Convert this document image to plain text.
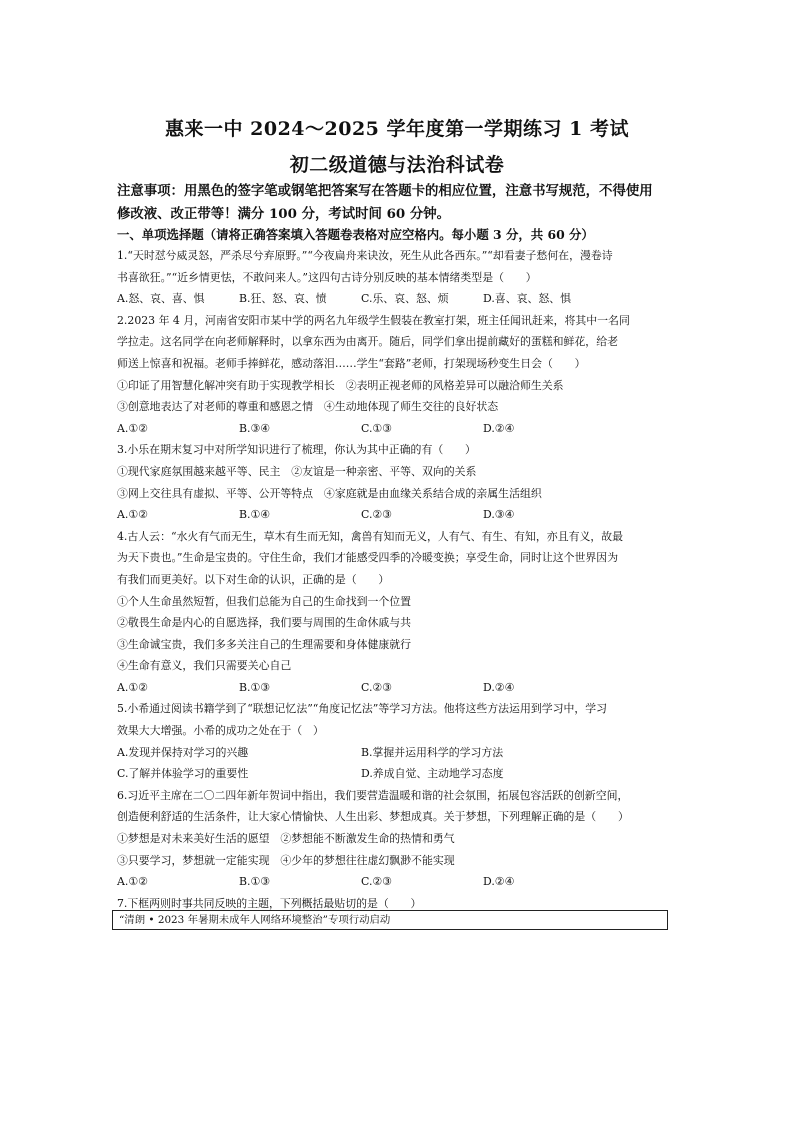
惠来一中 2024～2025 学年度第一学期练习 1 考试
初二级道德与法治科试卷
注意事项：用黑色的签字笔或钢笔把答案写在答题卡的相应位置，注意书写规范，不得使用
修改液、改正带等！满分 100 分，考试时间 60 分钟。
一、单项选择题（请将正确答案填入答题卷表格对应空格内。每小题 3 分，共 60 分）
1.“天时怼兮威灵怒，严杀尽兮弃原野。”“今夜扁舟来诀汝，死生从此各西东。”“却看妻子愁何在，漫卷诗
书喜欲狂。”“近乡情更怯，不敢问来人。”这四句古诗分别反映的基本情绪类型是（　　）
A.怒、哀、喜、惧	B.狂、怒、哀、愤	C.乐、哀、怒、烦	D.喜、哀、怒、惧
2.2023 年 4 月，河南省安阳市某中学的两名九年级学生假装在教室打架，班主任闻讯赶来，将其中一名同
学拉走。这名同学在向老师解释时，以拿东西为由离开。随后，同学们拿出提前藏好的蛋糕和鲜花，给老
师送上惊喜和祝福。老师手捧鲜花，感动落泪……学生“套路”老师，打架现场秒变生日会（　　）
①印证了用智慧化解冲突有助于实现教学相长　②表明正视老师的风格差异可以融洽师生关系
③创意地表达了对老师的尊重和感恩之情　④生动地体现了师生交往的良好状态
A.①②	B.③④	C.①③	D.②④
3.小乐在期末复习中对所学知识进行了梳理，你认为其中正确的有（　　）
①现代家庭氛围越来越平等、民主　②友谊是一种亲密、平等、双向的关系
③网上交往具有虚拟、平等、公开等特点　④家庭就是由血缘关系结合成的亲属生活组织
A.①②	B.①④	C.②③	D.③④
4.古人云：“水火有气而无生，草木有生而无知，禽兽有知而无义，人有气、有生、有知，亦且有义，故最
为天下贵也。”生命是宝贵的。守住生命，我们才能感受四季的冷暖变换；享受生命，同时让这个世界因为
有我们而更美好。以下对生命的认识，正确的是（　　）
①个人生命虽然短暂，但我们总能为自己的生命找到一个位置
②敬畏生命是内心的自愿选择，我们要与周围的生命休戚与共
③生命诚宝贵，我们多多关注自己的生理需要和身体健康就行
④生命有意义，我们只需要关心自己
A.①②	B.①③	C.②③	D.②④
5.小希通过阅读书籍学到了“联想记忆法”“角度记忆法”等学习方法。他将这些方法运用到学习中，学习
效果大大增强。小希的成功之处在于（　）
A.发现并保持对学习的兴趣	B.掌握并运用科学的学习方法
C.了解并体验学习的重要性	D.养成自觉、主动地学习态度
6.习近平主席在二〇二四年新年贺词中指出，我们要营造温暖和谐的社会氛围，拓展包容活跃的创新空间，
创造便利舒适的生活条件，让大家心情愉快、人生出彩、梦想成真。关于梦想，下列理解正确的是（　　）
①梦想是对未来美好生活的愿望　②梦想能不断激发生命的热情和勇气
③只要学习，梦想就一定能实现　④少年的梦想往往虚幻飘渺不能实现
A.①②	B.①③	C.②③	D.②④
7.下框两则时事共同反映的主题，下列概括最贴切的是（　　）
“清朗 • 2023 年暑期未成年人网络环境整治”专项行动启动
